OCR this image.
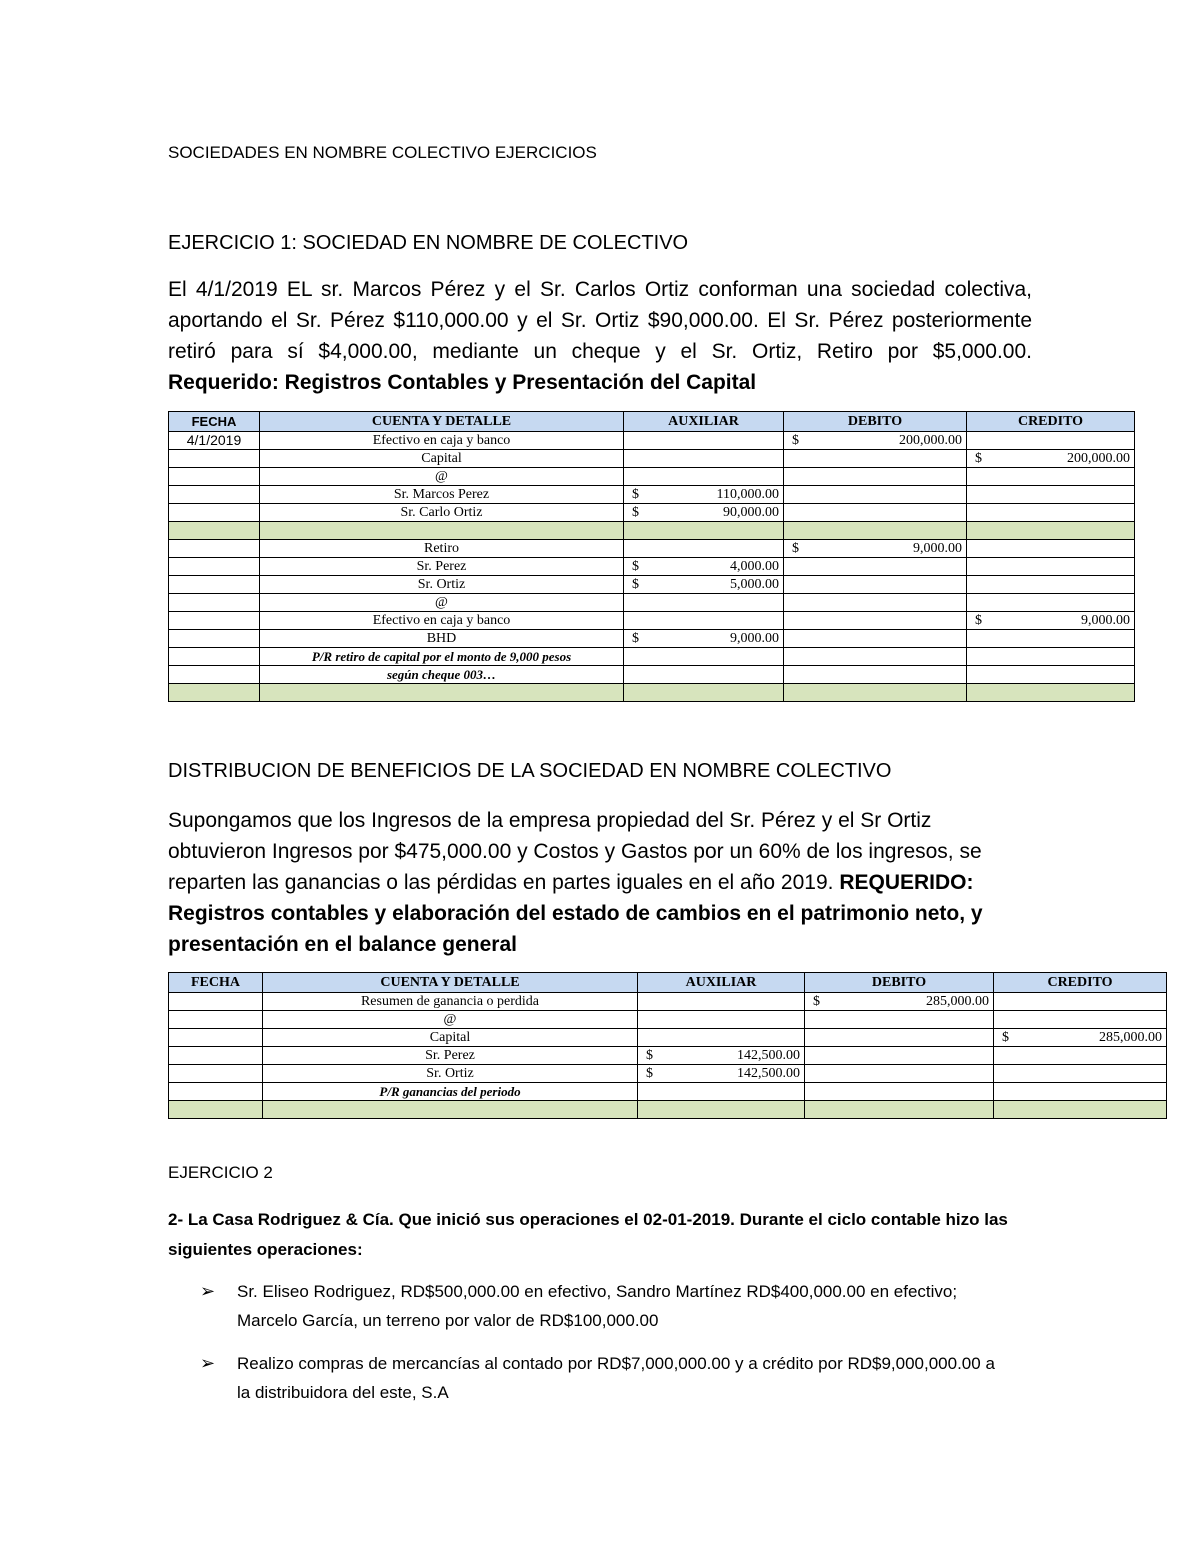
SOCIEDADES EN NOMBRE COLECTIVO EJERCICIOS
EJERCICIO 1: SOCIEDAD EN NOMBRE DE COLECTIVO

El 4/1/2019 EL sr. Marcos Pérez y el Sr. Carlos Ortiz conforman una sociedad colectiva, aportando el Sr. Pérez $110,000.00 y el Sr. Ortiz $90,000.00. El Sr. Pérez posteriormente retiró para sí $4,000.00, mediante un cheque y el Sr. Ortiz, Retiro por $5,000.00. Requerido: Registros Contables y Presentación del Capital

FECHA	CUENTA Y DETALLE	AUXILIAR	DEBITO	CREDITO
4/1/2019	Efectivo en caja y banco		$ 200,000.00	

	Capital			$ 200,000.00

	@			
	Sr. Marcos Perez	$ 110,000.00		

	Sr. Carlo Ortiz	$ 90,000.00		

	Retiro		$ 9,000.00	

	Sr. Perez	$ 4,000.00		

	Sr. Ortiz	$ 5,000.00		

	@			
	Efectivo en caja y banco			$ 9,000.00

	BHD	$ 9,000.00		

	P/R retiro de capital por el monto de 9,000 pesos			
	según cheque 003…			

DISTRIBUCION DE BENEFICIOS DE LA SOCIEDAD EN NOMBRE COLECTIVO

Supongamos que los Ingresos de la empresa propiedad del Sr. Pérez y el Sr Ortiz obtuvieron Ingresos por $475,000.00 y Costos y Gastos por un 60% de los ingresos, se reparten las ganancias o las pérdidas en partes iguales en el año 2019. REQUERIDO: Registros contables y elaboración del estado de cambios en el patrimonio neto, y presentación en el balance general

FECHA	CUENTA Y DETALLE	AUXILIAR	DEBITO	CREDITO
	Resumen de ganancia o perdida		$ 285,000.00	

	@			
	Capital			$ 285,000.00

	Sr. Perez	$ 142,500.00		

	Sr. Ortiz	$ 142,500.00		

	P/R ganancias del periodo			

EJERCICIO 2

2- La Casa Rodriguez & Cía. Que inició sus operaciones el 02-01-2019. Durante el ciclo contable hizo las siguientes operaciones:

➢	Sr. Eliseo Rodriguez, RD$500,000.00 en efectivo, Sandro Martínez RD$400,000.00 en efectivo; Marcelo García, un terreno por valor de RD$100,000.00
➢	Realizo compras de mercancías al contado por RD$7,000,000.00 y a crédito por RD$9,000,000.00 a la distribuidora del este, S.A
